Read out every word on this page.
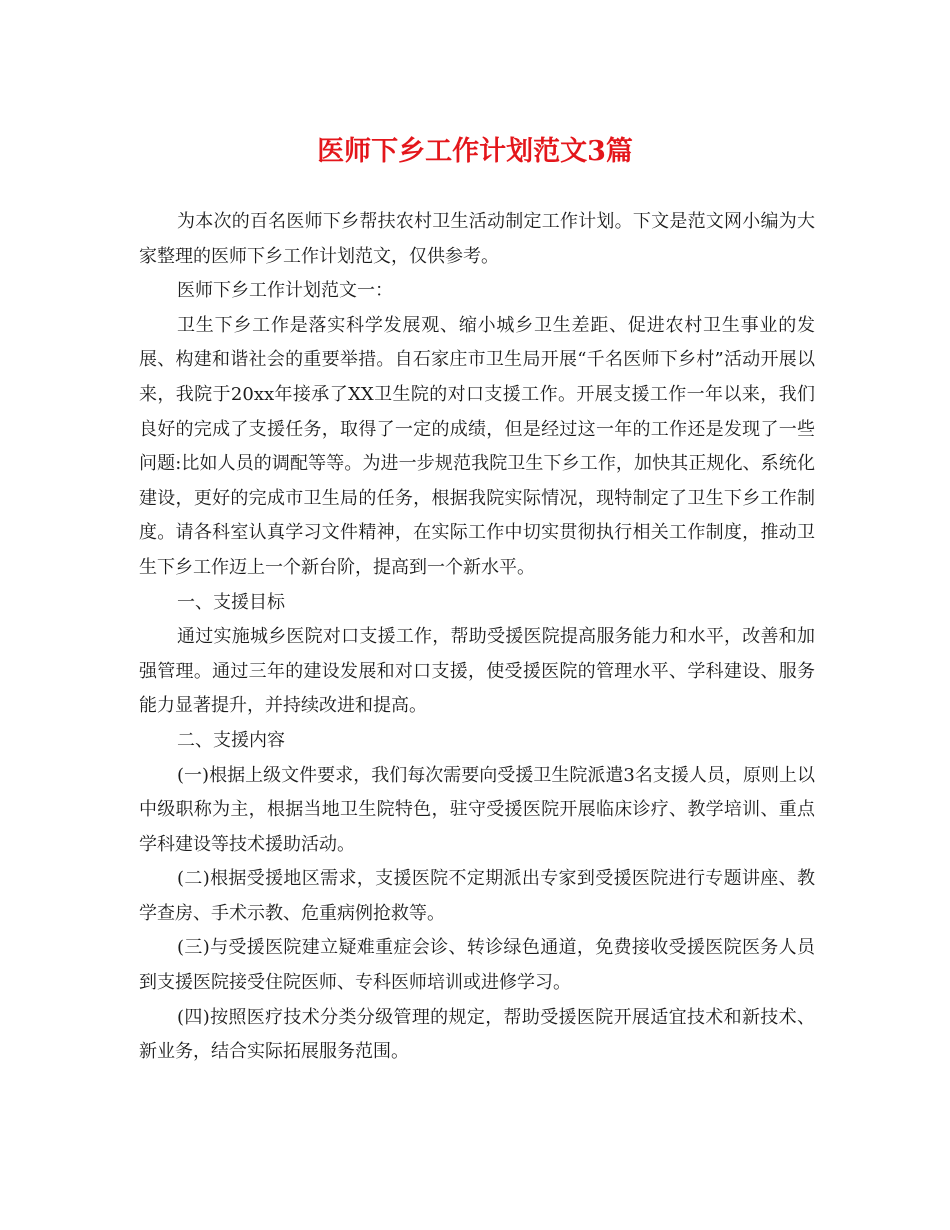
医师下乡工作计划范文3篇

为本次的百名医师下乡帮扶农村卫生活动制定工作计划。下文是范文网小编为大家整理的医师下乡工作计划范文，仅供参考。

医师下乡工作计划范文一：

卫生下乡工作是落实科学发展观、缩小城乡卫生差距、促进农村卫生事业的发展、构建和谐社会的重要举措。自石家庄市卫生局开展“千名医师下乡村”活动开展以来，我院于20xx年接承了XX卫生院的对口支援工作。开展支援工作一年以来，我们良好的完成了支援任务，取得了一定的成绩，但是经过这一年的工作还是发现了一些问题:比如人员的调配等等。为进一步规范我院卫生下乡工作，加快其正规化、系统化建设，更好的完成市卫生局的任务，根据我院实际情况，现特制定了卫生下乡工作制度。请各科室认真学习文件精神，在实际工作中切实贯彻执行相关工作制度，推动卫生下乡工作迈上一个新台阶，提高到一个新水平。

一、支援目标

通过实施城乡医院对口支援工作，帮助受援医院提高服务能力和水平，改善和加强管理。通过三年的建设发展和对口支援，使受援医院的管理水平、学科建设、服务能力显著提升，并持续改进和提高。

二、支援内容

(一)根据上级文件要求，我们每次需要向受援卫生院派遣3名支援人员，原则上以中级职称为主，根据当地卫生院特色，驻守受援医院开展临床诊疗、教学培训、重点学科建设等技术援助活动。

(二)根据受援地区需求，支援医院不定期派出专家到受援医院进行专题讲座、教学查房、手术示教、危重病例抢救等。

(三)与受援医院建立疑难重症会诊、转诊绿色通道，免费接收受援医院医务人员到支援医院接受住院医师、专科医师培训或进修学习。

(四)按照医疗技术分类分级管理的规定，帮助受援医院开展适宜技术和新技术、新业务，结合实际拓展服务范围。
